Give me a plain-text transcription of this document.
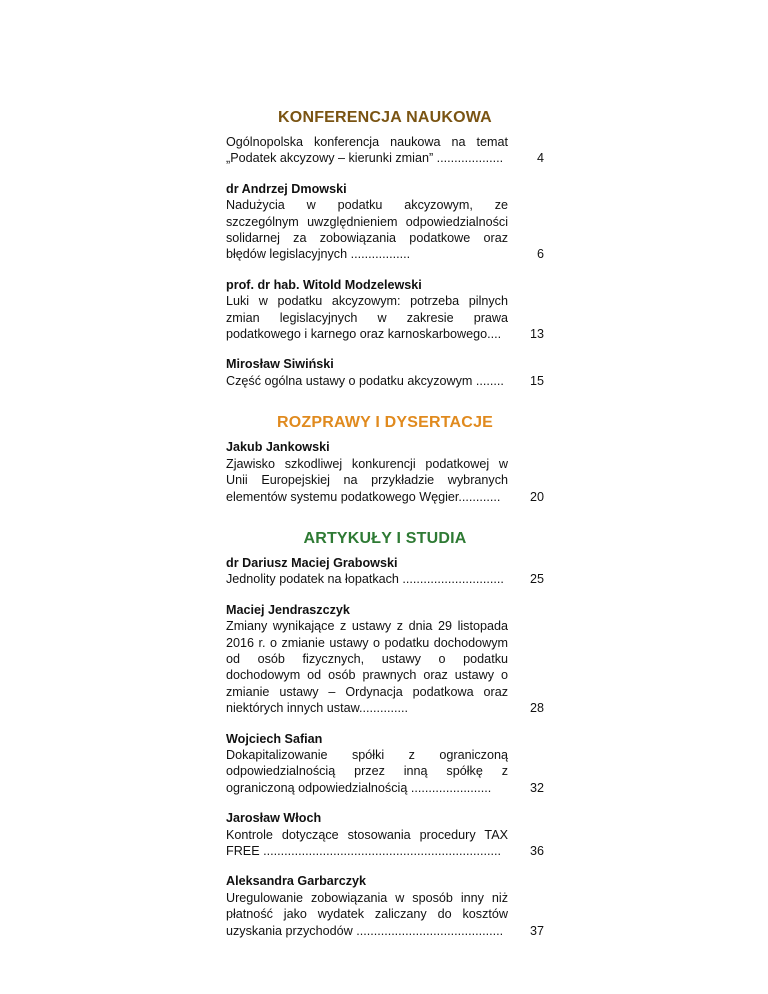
KONFERENCJA NAUKOWA
Ogólnopolska konferencja naukowa na temat „Podatek akcyzowy – kierunki zmian” ...................	4
dr Andrzej Dmowski
Nadużycia w podatku akcyzowym, ze szczególnym uwzględnieniem odpowiedzialności solidarnej za zobowiązania podatkowe oraz błędów legislacyjnych .................	6
prof. dr hab. Witold Modzelewski
Luki w podatku akcyzowym: potrzeba pilnych zmian legislacyjnych w zakresie prawa podatkowego i karnego oraz karnoskarbowego....	13
Mirosław Siwiński
Część ogólna ustawy o podatku akcyzowym ........	15
ROZPRAWY I DYSERTACJE
Jakub Jankowski
Zjawisko szkodliwej konkurencji podatkowej w Unii Europejskiej na przykładzie wybranych elementów systemu podatkowego Węgier............	20
ARTYKUŁY I STUDIA
dr Dariusz Maciej Grabowski
Jednolity podatek na łopatkach .............................	25
Maciej Jendraszczyk
Zmiany wynikające z ustawy z dnia 29 listopada 2016 r. o zmianie ustawy o podatku dochodowym od osób fizycznych, ustawy o podatku dochodowym od osób prawnych oraz ustawy o zmianie ustawy – Ordynacja podatkowa oraz niektórych innych ustaw..............	28
Wojciech Safian
Dokapitalizowanie spółki z ograniczoną odpowiedzialnością przez inną spółkę z ograniczoną odpowiedzialnością .......................	32
Jarosław Włoch
Kontrole dotyczące stosowania procedury TAX FREE ....................................................................	36
Aleksandra Garbarczyk
Uregulowanie zobowiązania w sposób inny niż płatność jako wydatek zaliczany do kosztów uzyskania przychodów ..........................................	37
